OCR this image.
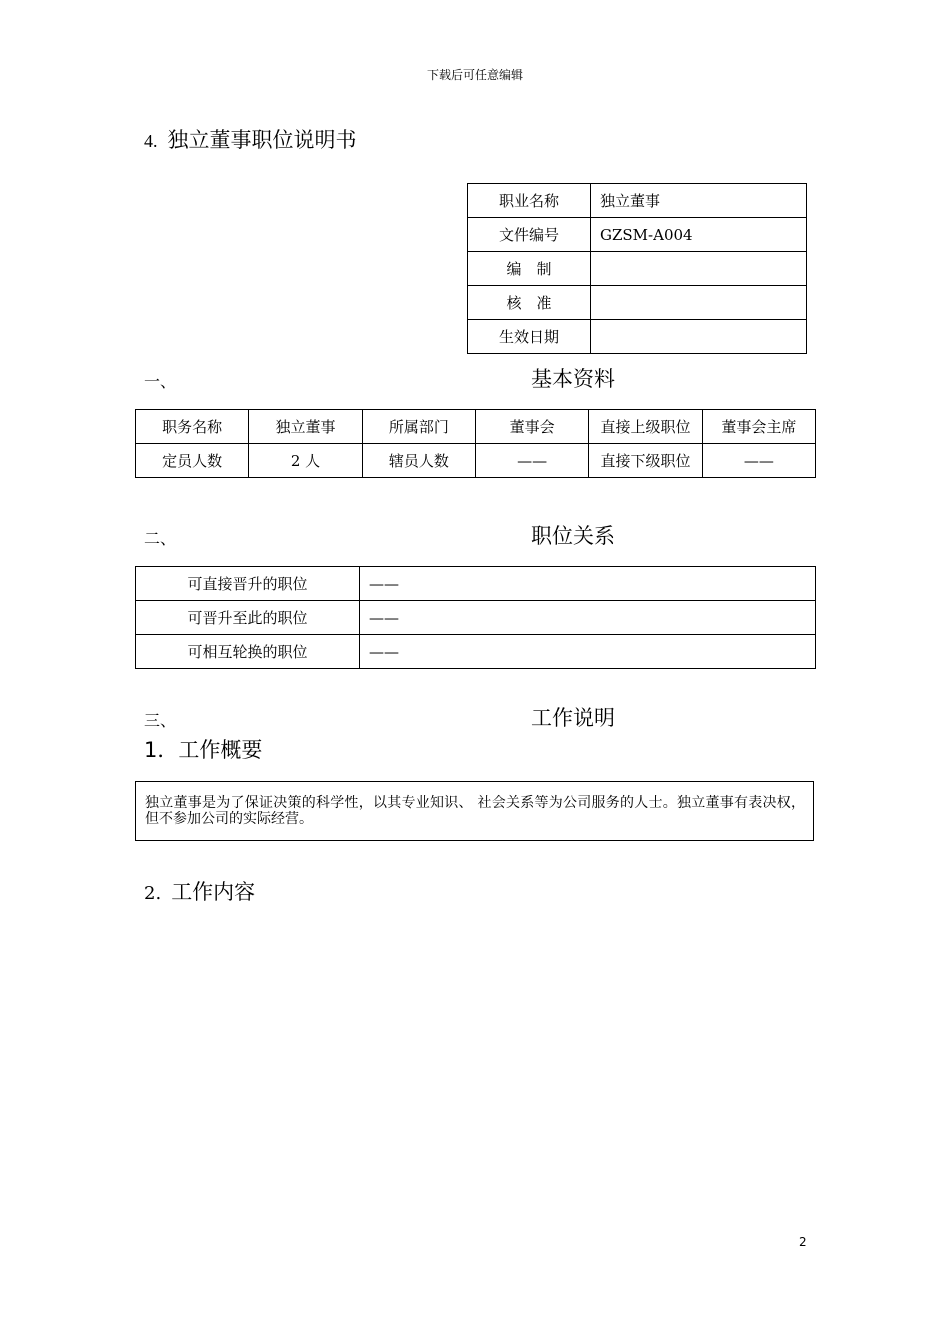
下载后可任意编辑
4. 独立董事职位说明书
职业名称	独立董事
文件编号	GZSM-A004
编　制	
核　准	
生效日期	
一、	基本资料
职务名称	独立董事	所属部门	董事会	直接上级职位	董事会主席
定员人数	2 人	辖员人数	——	直接下级职位	——
二、	职位关系
可直接晋升的职位	——
可晋升至此的职位	——
可相互轮换的职位	——
三、	工作说明
1．工作概要
独立董事是为了保证决策的科学性，以其专业知识、 社会关系等为公司服务的人士。独立董事有表决权，但不参加公司的实际经营。
2. 工作内容
2
